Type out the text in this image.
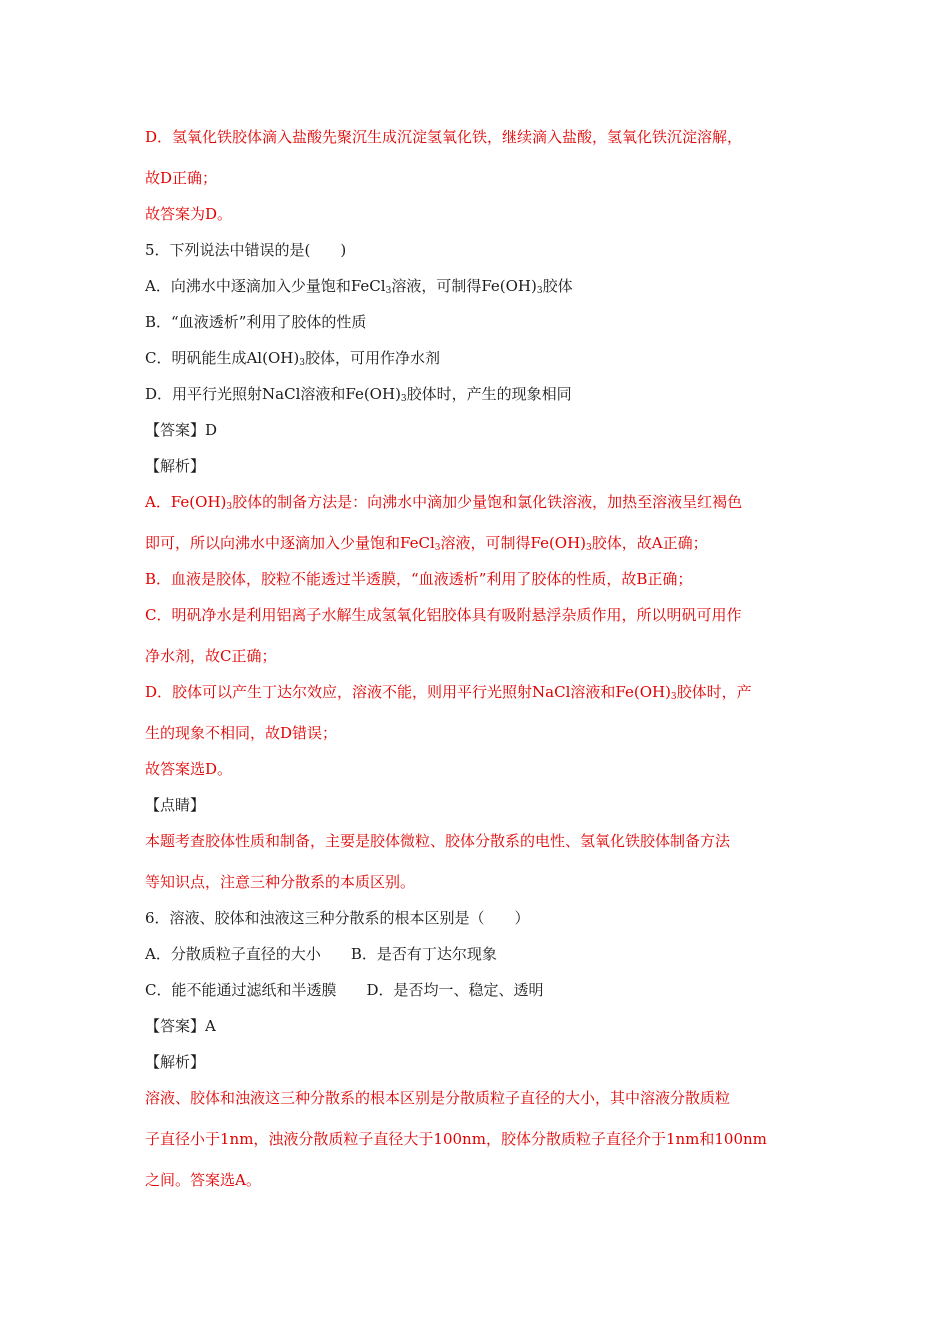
D．氢氧化铁胶体滴入盐酸先聚沉生成沉淀氢氧化铁，继续滴入盐酸，氢氧化铁沉淀溶解，
故D正确；
故答案为D。
5．下列说法中错误的是(　　)
A．向沸水中逐滴加入少量饱和FeCl$_3$溶液，可制得$Fe(OH)_3$胶体
B．“血液透析”利用了胶体的性质
C．明矾能生成$Al(OH)_3$胶体，可用作净水剂
D．用平行光照射NaCl溶液和$Fe(OH)_3$胶体时，产生的现象相同
【答案】D
【解析】
A．$Fe(OH)_3$胶体的制备方法是：向沸水中滴加少量饱和氯化铁溶液，加热至溶液呈红褐色
即可，所以向沸水中逐滴加入少量饱和FeCl$_3$溶液，可制得$Fe(OH)_3$胶体，故A正确；
B．血液是胶体，胶粒不能透过半透膜，“血液透析”利用了胶体的性质，故B正确；
C．明矾净水是利用铝离子水解生成氢氧化铝胶体具有吸附悬浮杂质作用，所以明矾可用作
净水剂，故C正确；
D．胶体可以产生丁达尔效应，溶液不能，则用平行光照射NaCl溶液和$Fe(OH)_3$胶体时，产
生的现象不相同，故D错误；
故答案选D。
【点睛】
本题考查胶体性质和制备，主要是胶体微粒、胶体分散系的电性、氢氧化铁胶体制备方法
等知识点，注意三种分散系的本质区别。
6．溶液、胶体和浊液这三种分散系的根本区别是（　　）
A．分散质粒子直径的大小　　B．是否有丁达尔现象
C．能不能通过滤纸和半透膜　　D．是否均一、稳定、透明
【答案】A
【解析】
溶液、胶体和浊液这三种分散系的根本区别是分散质粒子直径的大小，其中溶液分散质粒
子直径小于1nm，浊液分散质粒子直径大于100nm，胶体分散质粒子直径介于1nm和100nm
之间。答案选A。
